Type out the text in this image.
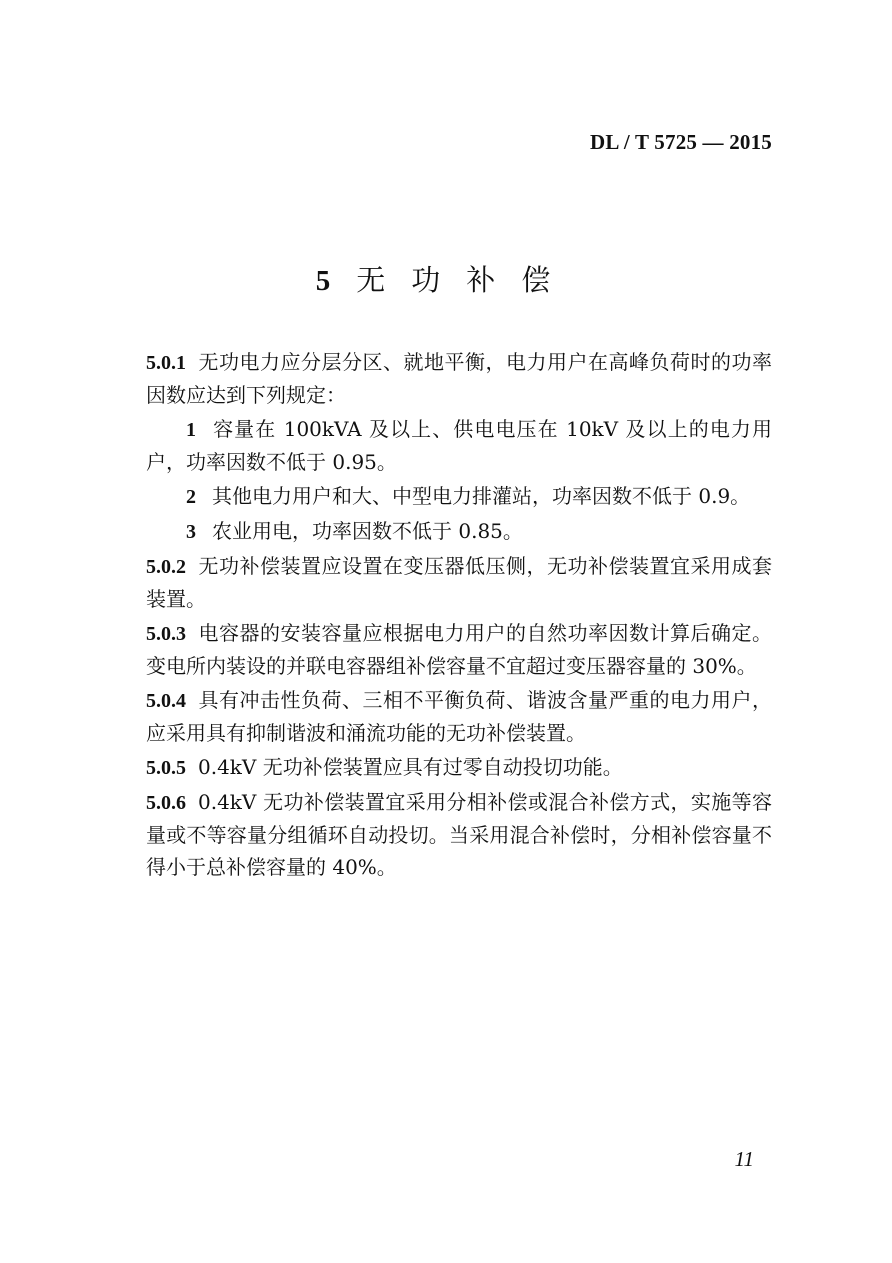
DL / T 5725 — 2015
5 无功补偿

5.0.1 无功电力应分层分区、就地平衡，电力用户在高峰负荷时的功率因数应达到下列规定：

1 容量在 100kVA 及以上、供电电压在 10kV 及以上的电力用户，功率因数不低于 0.95。

2 其他电力用户和大、中型电力排灌站，功率因数不低于 0.9。

3 农业用电，功率因数不低于 0.85。

5.0.2 无功补偿装置应设置在变压器低压侧，无功补偿装置宜采用成套装置。

5.0.3 电容器的安装容量应根据电力用户的自然功率因数计算后确定。变电所内装设的并联电容器组补偿容量不宜超过变压器容量的 30%。

5.0.4 具有冲击性负荷、三相不平衡负荷、谐波含量严重的电力用户，应采用具有抑制谐波和涌流功能的无功补偿装置。

5.0.5 0.4kV 无功补偿装置应具有过零自动投切功能。

5.0.6 0.4kV 无功补偿装置宜采用分相补偿或混合补偿方式，实施等容量或不等容量分组循环自动投切。当采用混合补偿时，分相补偿容量不得小于总补偿容量的 40%。

11
